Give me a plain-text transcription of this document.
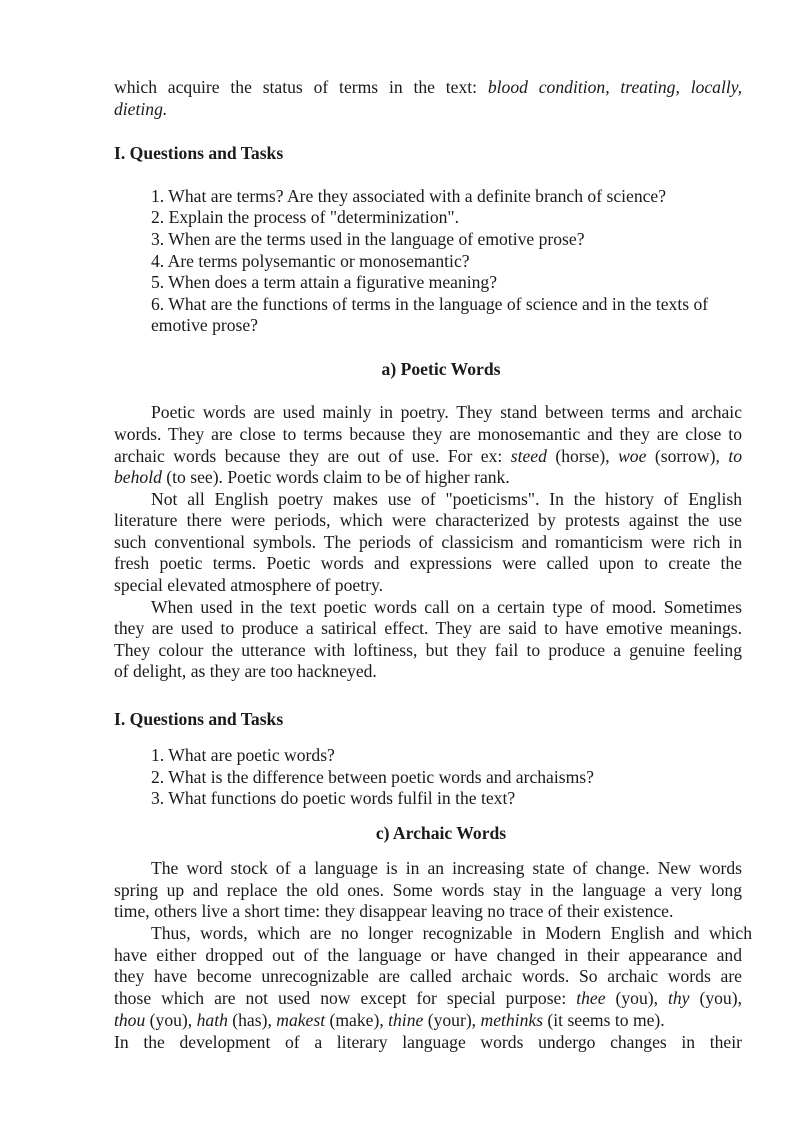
which acquire the status of terms in the text: blood condition, treating, locally,
dieting.
I. Questions and Tasks
1. What are terms? Are they associated with a definite branch of science?
2. Explain the process of "determinization".
3. When are the terms used in the language of emotive prose?
4. Are terms polysemantic or monosemantic?
5. When does a term attain a figurative meaning?
6. What are the functions of terms in the language of science and in the texts of
emotive prose?
a) Poetic Words
Poetic words are used mainly in poetry. They stand between terms and archaic
words. They are close to terms because they are monosemantic and they are close to
archaic words because they are out of use. For ex: steed (horse), woe (sorrow), to
behold (to see). Poetic words claim to be of higher rank.
Not all English poetry makes use of "poeticisms". In the history of English
literature there were periods, which were characterized by protests against the use
such conventional symbols. The periods of classicism and romanticism were rich in
fresh poetic terms. Poetic words and expressions were called upon to create the
special elevated atmosphere of poetry.
When used in the text poetic words call on a certain type of mood. Sometimes
they are used to produce a satirical effect. They are said to have emotive meanings.
They colour the utterance with loftiness, but they fail to produce a genuine feeling
of delight, as they are too hackneyed.
I. Questions and Tasks
1. What are poetic words?
2. What is the difference between poetic words and archaisms?
3. What functions do poetic words fulfil in the text?
c) Archaic Words
The word stock of a language is in an increasing state of change. New words
spring up and replace the old ones. Some words stay in the language a very long
time, others live a short time: they disappear leaving no trace of their existence.
Thus, words, which are no longer recognizable in Modern English and which
have either dropped out of the language or have changed in their appearance and
they have become unrecognizable are called archaic words. So archaic words are
those which are not used now except for special purpose: thee (you), thy (you),
thou (you), hath (has), makest (make), thine (your), methinks (it seems to me).
In the development of a literary language words undergo changes in their
